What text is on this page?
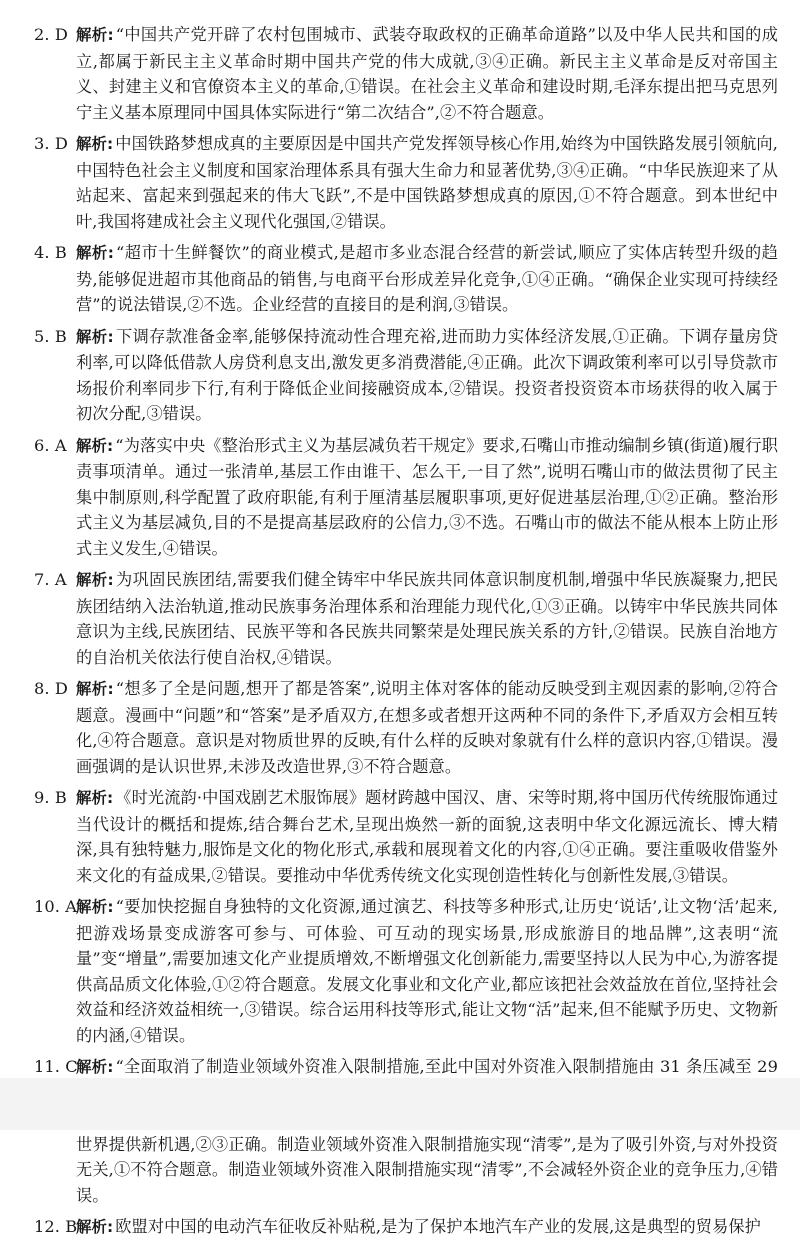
2. D 解析: “中国共产党开辟了农村包围城市、武装夺取政权的正确革命道路”以及中华人民共和国的成立,都属于新民主主义革命时期中国共产党的伟大成就,③④正确。新民主主义革命是反对帝国主义、封建主义和官僚资本主义的革命,①错误。在社会主义革命和建设时期,毛泽东提出把马克思列宁主义基本原理同中国具体实际进行“第二次结合”,②不符合题意。
3. D 解析: 中国铁路梦想成真的主要原因是中国共产党发挥领导核心作用,始终为中国铁路发展引领航向,中国特色社会主义制度和国家治理体系具有强大生命力和显著优势,③④正确。“中华民族迎来了从站起来、富起来到强起来的伟大飞跃”,不是中国铁路梦想成真的原因,①不符合题意。到本世纪中叶,我国将建成社会主义现代化强国,②错误。
4. B 解析: “超市十生鲜餐饮”的商业模式,是超市多业态混合经营的新尝试,顺应了实体店转型升级的趋势,能够促进超市其他商品的销售,与电商平台形成差异化竞争,①④正确。“确保企业实现可持续经营”的说法错误,②不选。企业经营的直接目的是利润,③错误。
5. B 解析: 下调存款准备金率,能够保持流动性合理充裕,进而助力实体经济发展,①正确。下调存量房贷利率,可以降低借款人房贷利息支出,激发更多消费潜能,④正确。此次下调政策利率可以引导贷款市场报价利率同步下行,有利于降低企业间接融资成本,②错误。投资者投资资本市场获得的收入属于初次分配,③错误。
6. A 解析: “为落实中央《整治形式主义为基层减负若干规定》要求,石嘴山市推动编制乡镇(街道)履行职责事项清单。通过一张清单,基层工作由谁干、怎么干,一目了然”,说明石嘴山市的做法贯彻了民主集中制原则,科学配置了政府职能,有利于厘清基层履职事项,更好促进基层治理,①②正确。整治形式主义为基层减负,目的不是提高基层政府的公信力,③不选。石嘴山市的做法不能从根本上防止形式主义发生,④错误。
7. A 解析: 为巩固民族团结,需要我们健全铸牢中华民族共同体意识制度机制,增强中华民族凝聚力,把民族团结纳入法治轨道,推动民族事务治理体系和治理能力现代化,①③正确。以铸牢中华民族共同体意识为主线,民族团结、民族平等和各民族共同繁荣是处理民族关系的方针,②错误。民族自治地方的自治机关依法行使自治权,④错误。
8. D 解析: “想多了全是问题,想开了都是答案”,说明主体对客体的能动反映受到主观因素的影响,②符合题意。漫画中“问题”和“答案”是矛盾双方,在想多或者想开这两种不同的条件下,矛盾双方会相互转化,④符合题意。意识是对物质世界的反映,有什么样的反映对象就有什么样的意识内容,①错误。漫画强调的是认识世界,未涉及改造世界,③不符合题意。
9. B 解析: 《时光流韵·中国戏剧艺术服饰展》题材跨越中国汉、唐、宋等时期,将中国历代传统服饰通过当代设计的概括和提炼,结合舞台艺术,呈现出焕然一新的面貌,这表明中华文化源远流长、博大精深,具有独特魅力,服饰是文化的物化形式,承载和展现着文化的内容,①④正确。要注重吸收借鉴外来文化的有益成果,②错误。要推动中华优秀传统文化实现创造性转化与创新性发展,③错误。
10. A
解析: “要加快挖掘自身独特的文化资源,通过演艺、科技等多种形式,让历史‘说话’,让文物‘活’起来,把游戏场景变成游客可参与、可体验、可互动的现实场景,形成旅游目的地品牌”,这表明“流量”变“增量”,需要加速文化产业提质增效,不断增强文化创新能力,需要坚持以人民为中心,为游客提供高品质文化体验,①②符合题意。发展文化事业和文化产业,都应该把社会效益放在首位,坚持社会效益和经济效益相统一,③错误。综合运用科技等形式,能让文物“活”起来,但不能赋予历史、文物新的内涵,④错误。
11. C
解析: “全面取消了制造业领域外资准入限制措施,至此中国对外资准入限制措施由 31 条压减至 29 世界提供新机遇,②③正确。制造业领域外资准入限制措施实现“清零”,是为了吸引外资,与对外投资无关,①不符合题意。制造业领域外资准入限制措施实现“清零”,不会减轻外资企业的竞争压力,④错误。
12. B
解析: 欧盟对中国的电动汽车征收反补贴税,是为了保护本地汽车产业的发展,这是典型的贸易保护
